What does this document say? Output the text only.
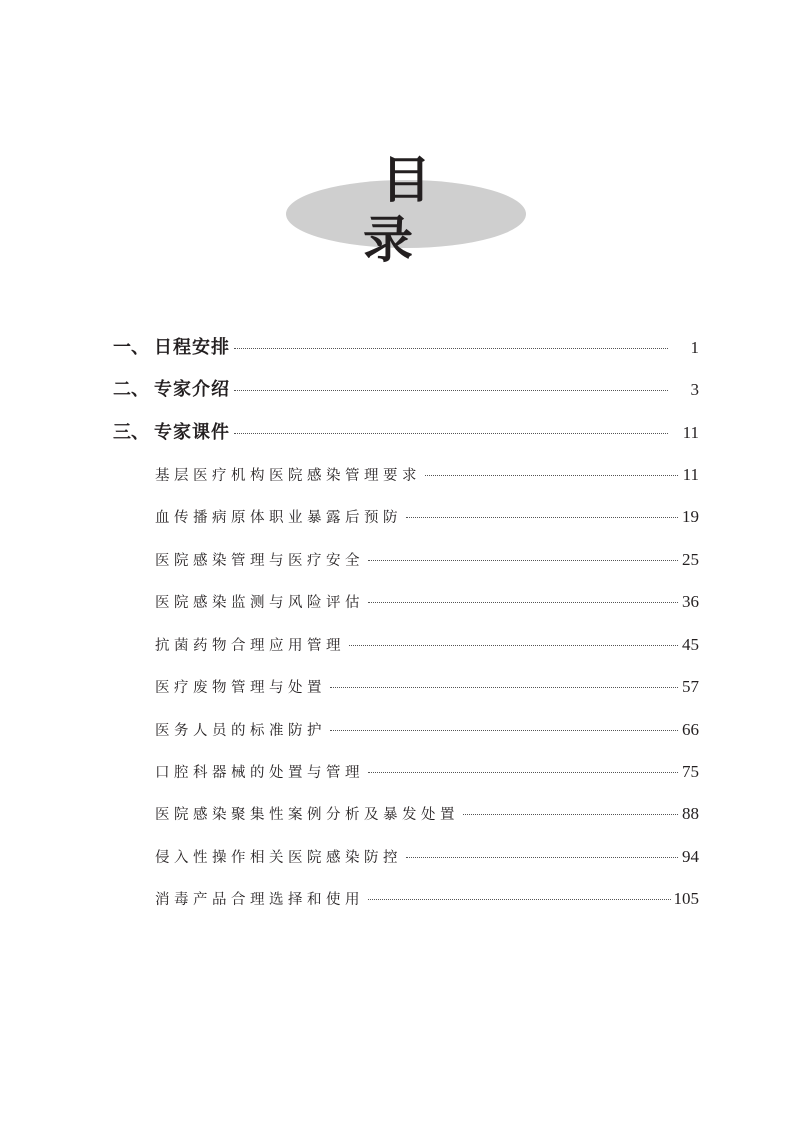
目 录
一、 日程安排	1
二、 专家介绍	3
三、 专家课件	11
基层医疗机构医院感染管理要求	11
血传播病原体职业暴露后预防	19
医院感染管理与医疗安全	25
医院感染监测与风险评估	36
抗菌药物合理应用管理	45
医疗废物管理与处置	57
医务人员的标准防护	66
口腔科器械的处置与管理	75
医院感染聚集性案例分析及暴发处置	88
侵入性操作相关医院感染防控	94
消毒产品合理选择和使用	105
